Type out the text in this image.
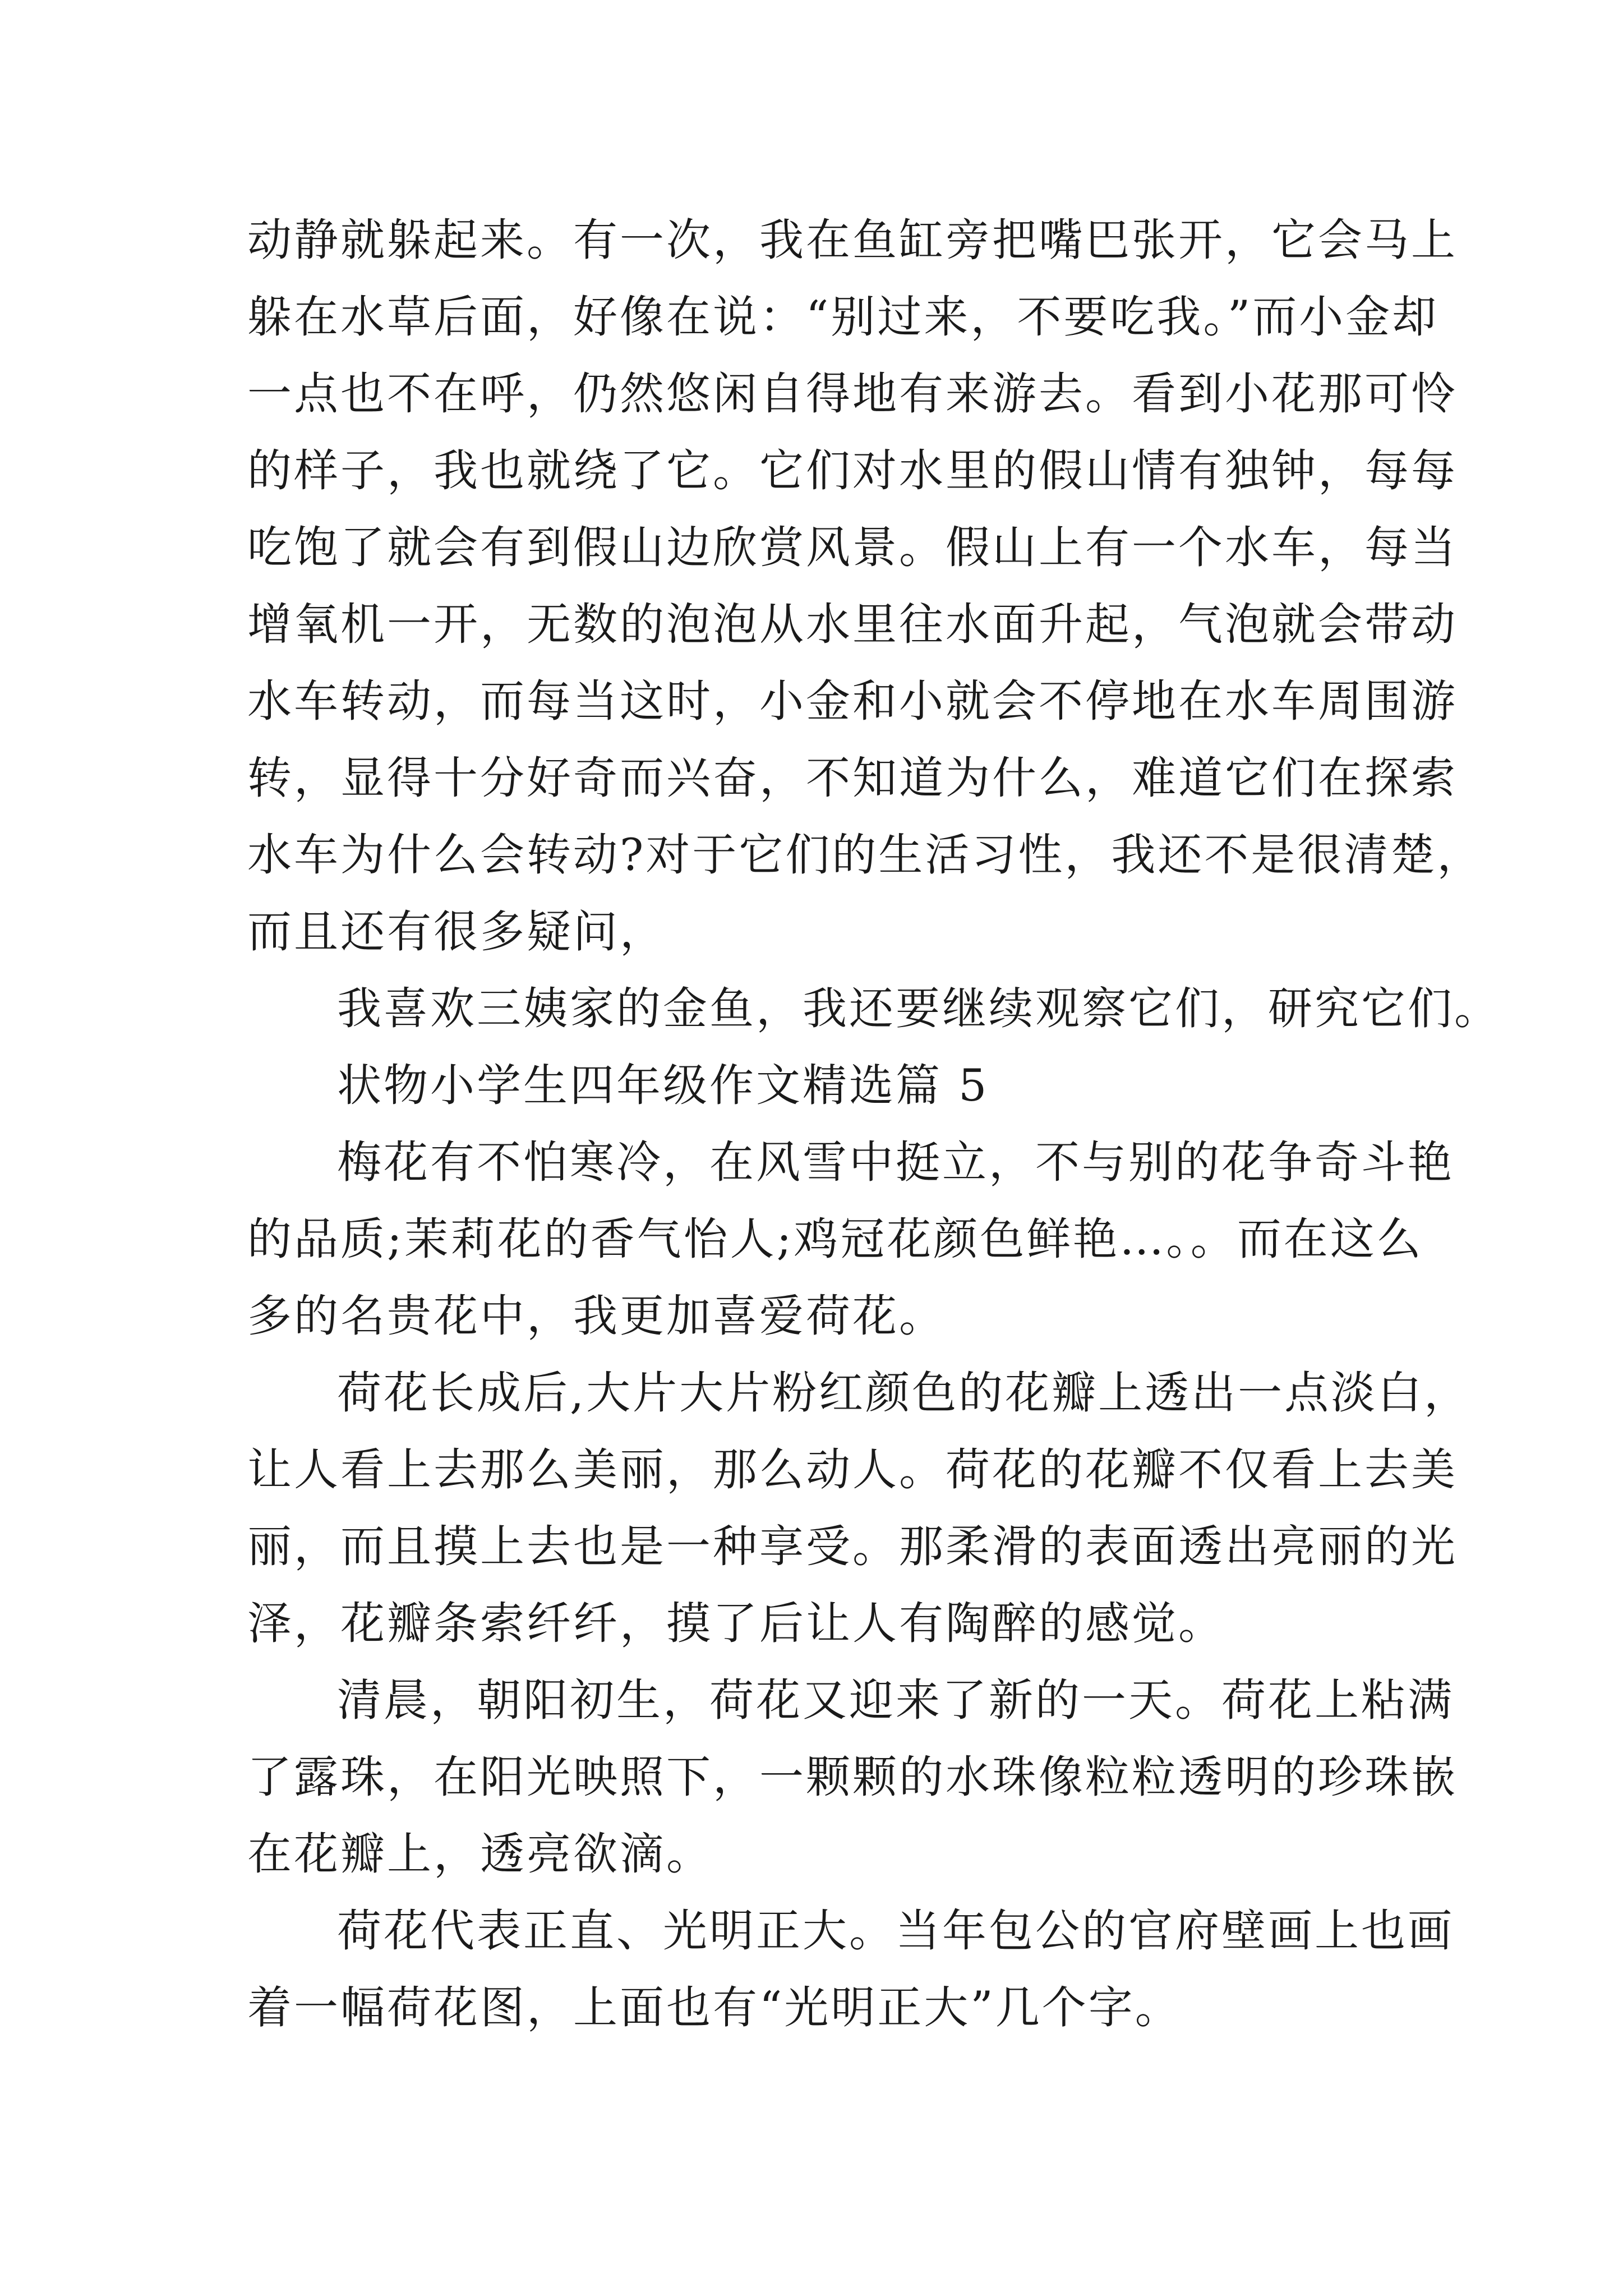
动静就躲起来。有一次，我在鱼缸旁把嘴巴张开，它会马上
躲在水草后面，好像在说：“别过来，不要吃我。”而小金却
一点也不在呼，仍然悠闲自得地有来游去。看到小花那可怜
的样子，我也就绕了它。它们对水里的假山情有独钟，每每
吃饱了就会有到假山边欣赏风景。假山上有一个水车，每当
增氧机一开，无数的泡泡从水里往水面升起，气泡就会带动
水车转动，而每当这时，小金和小就会不停地在水车周围游
转，显得十分好奇而兴奋，不知道为什么，难道它们在探索
水车为什么会转动?对于它们的生活习性，我还不是很清楚，
而且还有很多疑问，
我喜欢三姨家的金鱼，我还要继续观察它们，研究它们。
状物小学生四年级作文精选篇 5
梅花有不怕寒冷，在风雪中挺立，不与别的花争奇斗艳
的品质;茉莉花的香气怡人;鸡冠花颜色鲜艳…。。而在这么
多的名贵花中，我更加喜爱荷花。
荷花长成后,大片大片粉红颜色的花瓣上透出一点淡白，
让人看上去那么美丽，那么动人。荷花的花瓣不仅看上去美
丽，而且摸上去也是一种享受。那柔滑的表面透出亮丽的光
泽，花瓣条索纤纤，摸了后让人有陶醉的感觉。
清晨，朝阳初生，荷花又迎来了新的一天。荷花上粘满
了露珠，在阳光映照下，一颗颗的水珠像粒粒透明的珍珠嵌
在花瓣上，透亮欲滴。
荷花代表正直、光明正大。当年包公的官府壁画上也画
着一幅荷花图，上面也有“光明正大”几个字。
